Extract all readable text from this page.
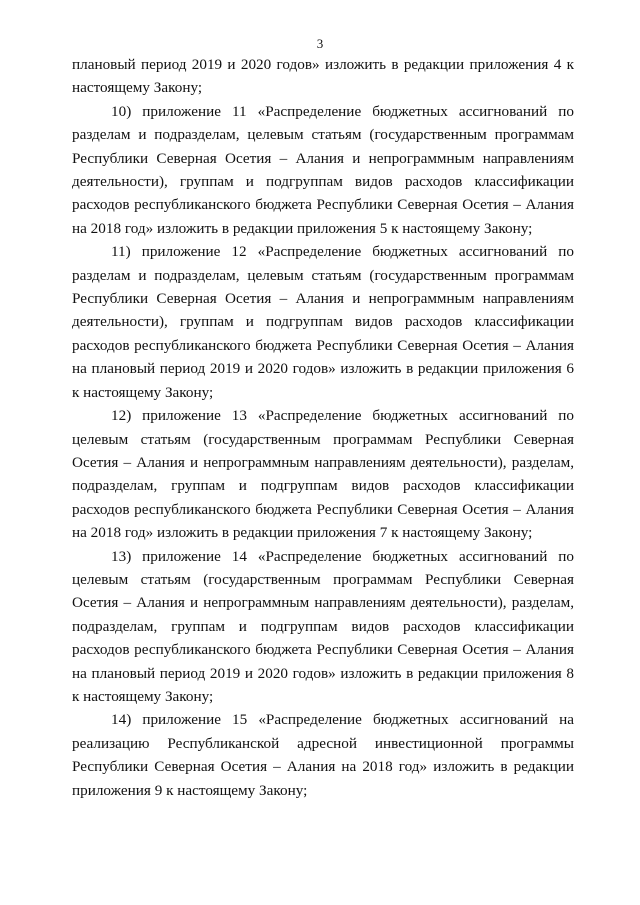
3

плановый период 2019 и 2020 годов» изложить в редакции приложения 4 к настоящему Закону;

10) приложение 11 «Распределение бюджетных ассигнований по разделам и подразделам, целевым статьям (государственным программам Республики Северная Осетия – Алания и непрограммным направлениям деятельности), группам и подгруппам видов расходов классификации расходов республиканского бюджета Республики Северная Осетия – Алания на 2018 год» изложить в редакции приложения 5 к настоящему Закону;

11) приложение 12 «Распределение бюджетных ассигнований по разделам и подразделам, целевым статьям (государственным программам Республики Северная Осетия – Алания и непрограммным направлениям деятельности), группам и подгруппам видов расходов классификации расходов республиканского бюджета Республики Северная Осетия – Алания на плановый период 2019 и 2020 годов» изложить в редакции приложения 6 к настоящему Закону;

12) приложение 13 «Распределение бюджетных ассигнований по целевым статьям (государственным программам Республики Северная Осетия – Алания и непрограммным направлениям деятельности), разделам, подразделам, группам и подгруппам видов расходов классификации расходов республиканского бюджета Республики Северная Осетия – Алания на 2018 год» изложить в редакции приложения 7 к настоящему Закону;

13) приложение 14 «Распределение бюджетных ассигнований по целевым статьям (государственным программам Республики Северная Осетия – Алания и непрограммным направлениям деятельности), разделам, подразделам, группам и подгруппам видов расходов классификации расходов республиканского бюджета Республики Северная Осетия – Алания на плановый период 2019 и 2020 годов» изложить в редакции приложения 8 к настоящему Закону;

14) приложение 15 «Распределение бюджетных ассигнований на реализацию Республиканской адресной инвестиционной программы Республики Северная Осетия – Алания на 2018 год» изложить в редакции приложения 9 к настоящему Закону;
